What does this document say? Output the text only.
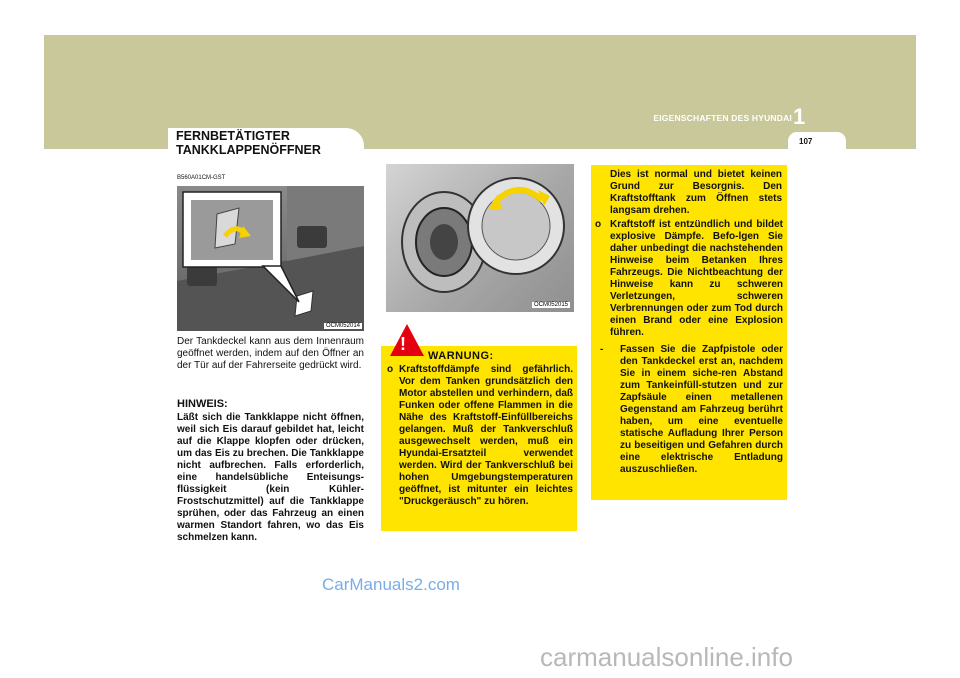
EIGENSCHAFTEN DES HYUNDAI 1
107
FERNBETÄTIGTER
TANKKLAPPENÖFFNER
B560A01CM-GST
OCM052014
OCM052015
Der Tankdeckel kann aus dem Innenraum geöffnet werden, indem auf den Öffner an der Tür auf der Fahrerseite gedrückt wird.
HINWEIS:
Läßt sich die Tankklappe nicht öffnen, weil sich Eis darauf gebildet hat, leicht auf die Klappe klopfen oder drücken, um das Eis zu brechen. Die Tankklappe nicht aufbrechen. Falls erforderlich, eine handelsübliche Enteisungs-flüssigkeit (kein Kühler-Frostschutzmittel) auf die Tankklappe sprühen, oder das Fahrzeug an einen warmen Standort fahren, wo das Eis schmelzen kann.
o Kraftstoffdämpfe sind gefährlich. Vor dem Tanken grundsätzlich den Motor abstellen und verhindern, daß Funken oder offene Flammen in die Nähe des Kraftstoff-Einfüllbereichs gelangen. Muß der Tankverschluß ausgewechselt werden, muß ein Hyundai-Ersatzteil verwendet werden. Wird der Tankverschluß bei hohen Umgebungstemperaturen geöffnet, ist mitunter ein leichtes "Druckgeräusch" zu hören.
!
WARNUNG:
Dies ist normal und bietet keinen Grund zur Besorgnis. Den Kraftstofftank zum Öffnen stets langsam drehen.
o Kraftstoff ist entzündlich und bildet explosive Dämpfe. Befo-lgen Sie daher unbedingt die nachstehenden Hinweise beim Betanken Ihres Fahrzeugs. Die Nichtbeachtung der Hinweise kann zu schweren Verletzungen, schweren Verbrennungen oder zum Tod durch einen Brand oder eine Explosion führen.
- Fassen Sie die Zapfpistole oder den Tankdeckel erst an, nachdem Sie in einem siche-ren Abstand zum Tankeinfüll-stutzen und zur Zapfsäule einen metallenen Gegenstand am Fahrzeug berührt haben, um eine eventuelle statische Aufladung Ihrer Person zu beseitigen und Gefahren durch eine elektrische Entladung auszuschließen.
CarManuals2.com
carmanualsonline.info
